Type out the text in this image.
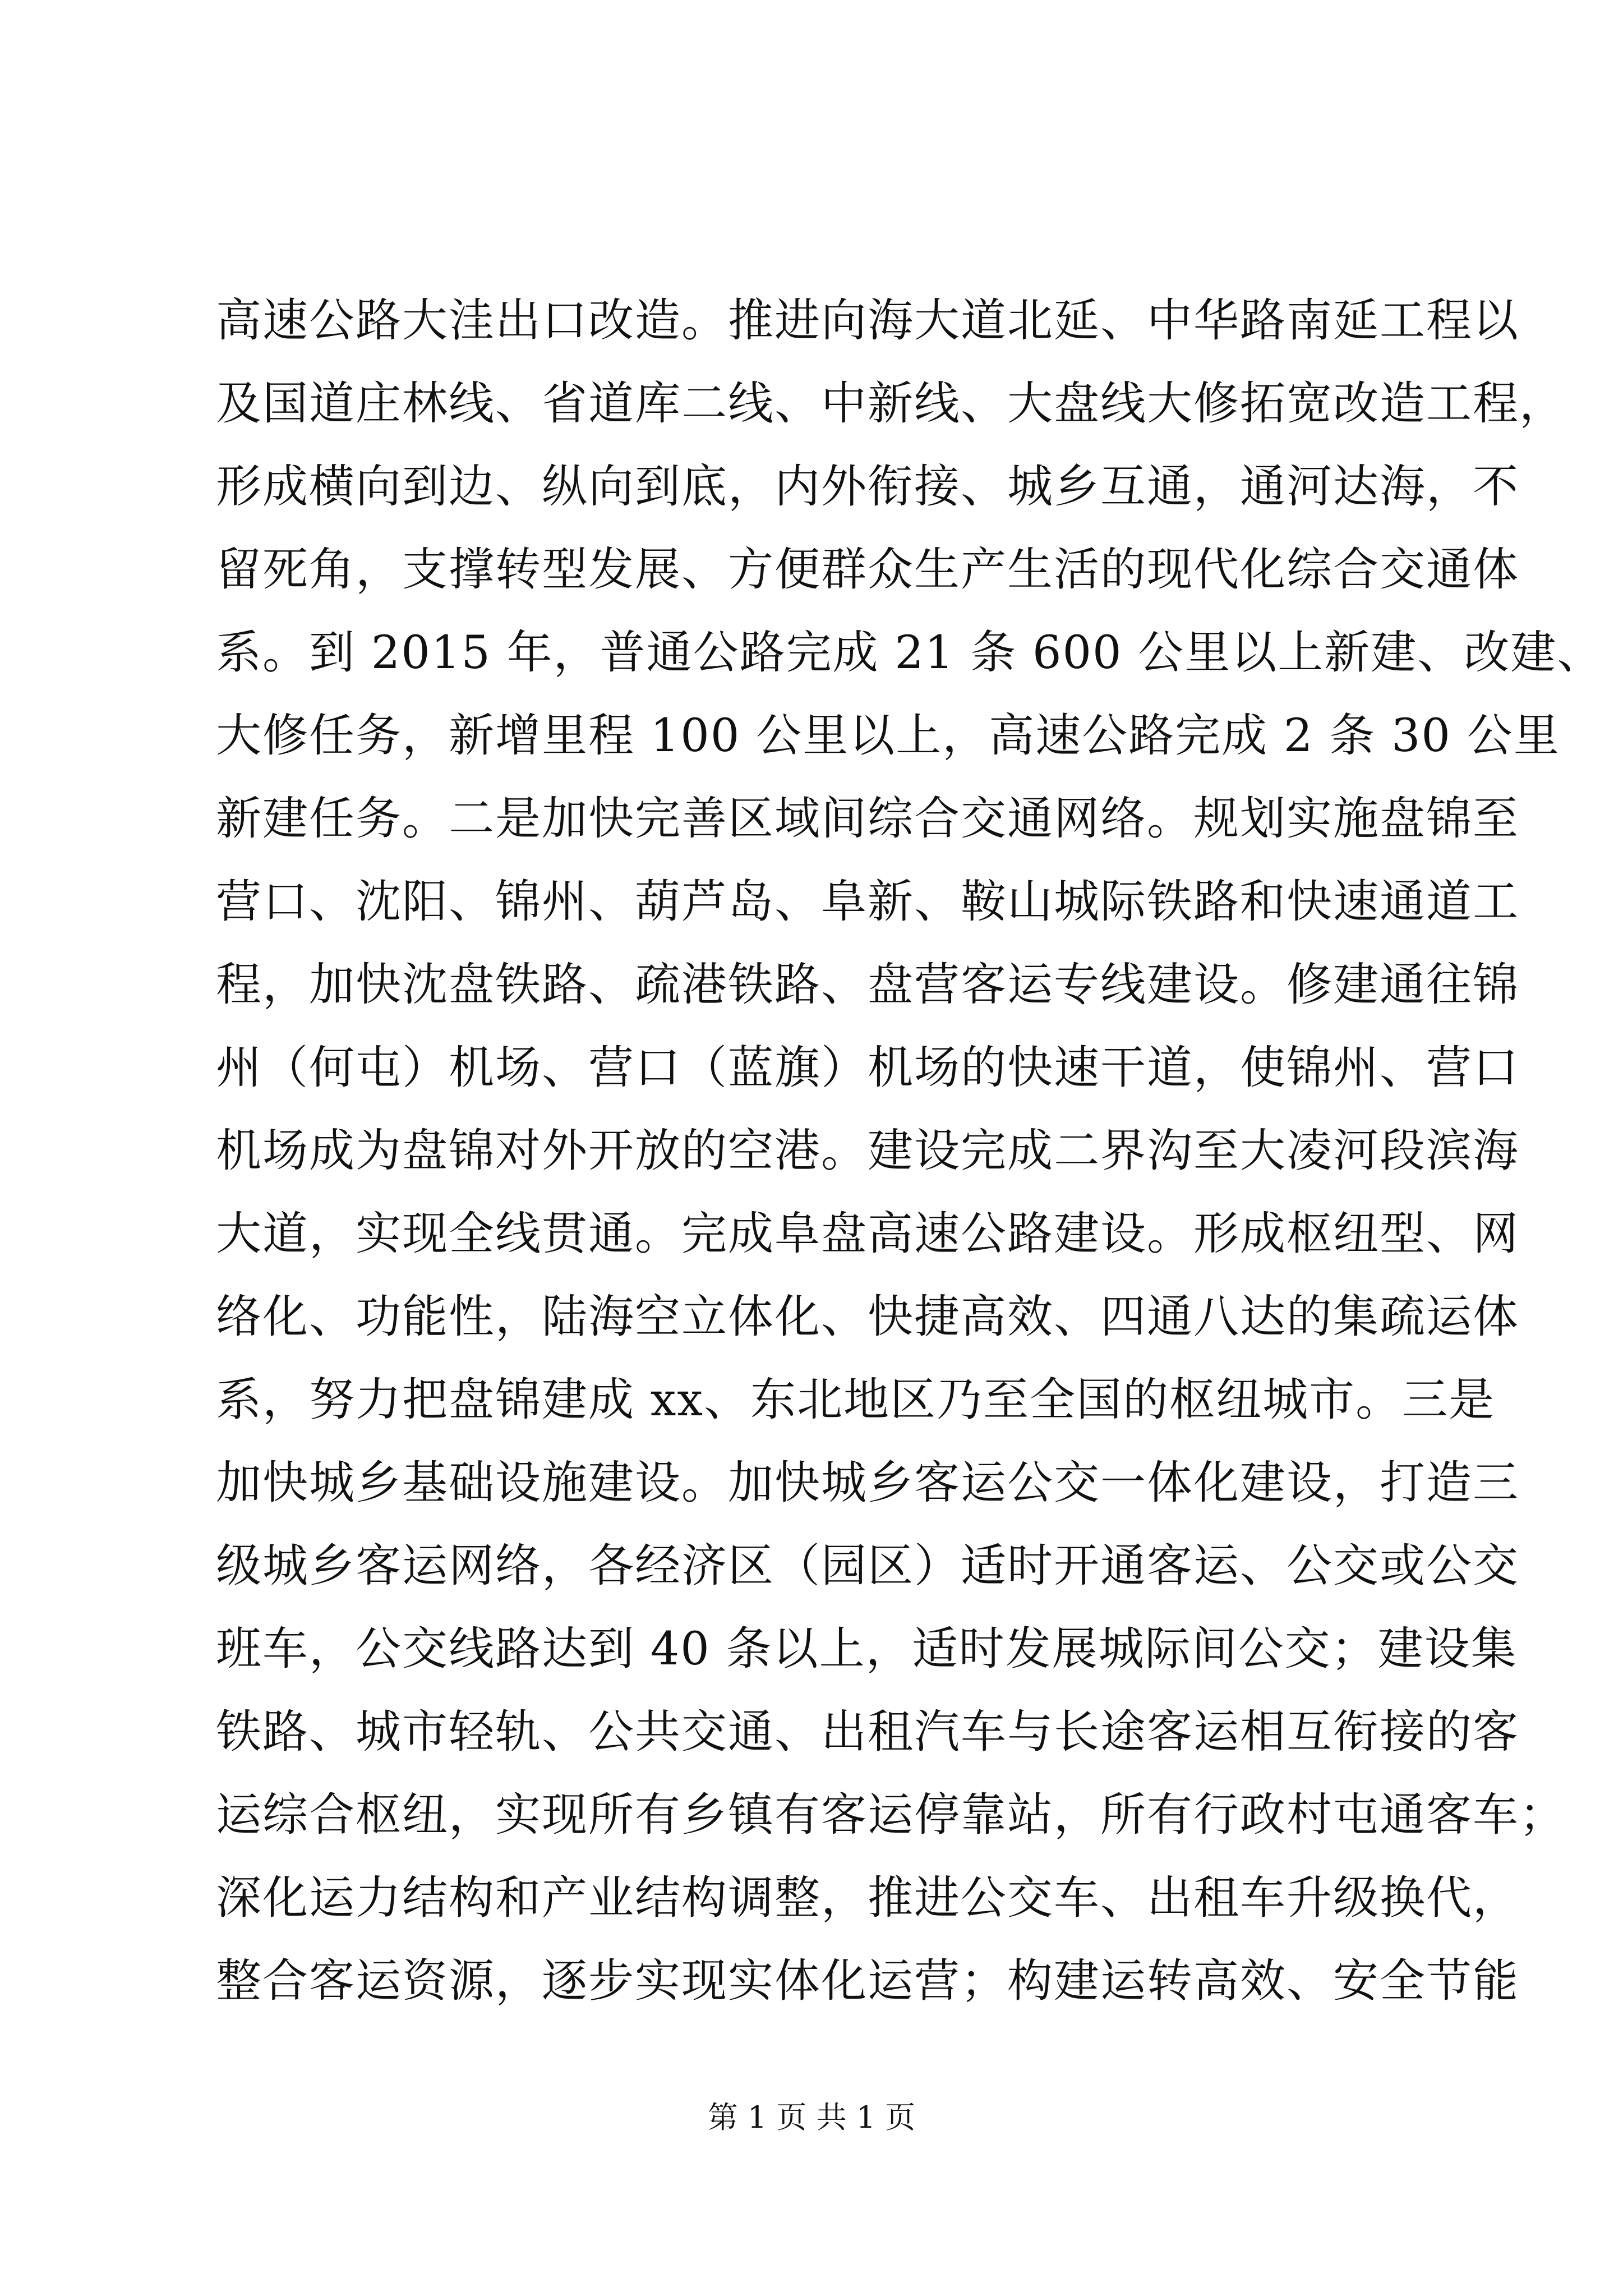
高速公路大洼出口改造。推进向海大道北延、中华路南延工程以
及国道庄林线、省道库二线、中新线、大盘线大修拓宽改造工程，
形成横向到边、纵向到底，内外衔接、城乡互通，通河达海，不
留死角，支撑转型发展、方便群众生产生活的现代化综合交通体
系。到 2015 年，普通公路完成 21 条 600 公里以上新建、改建、
大修任务，新增里程 100 公里以上，高速公路完成 2 条 30 公里
新建任务。二是加快完善区域间综合交通网络。规划实施盘锦至
营口、沈阳、锦州、葫芦岛、阜新、鞍山城际铁路和快速通道工
程，加快沈盘铁路、疏港铁路、盘营客运专线建设。修建通往锦
州（何屯）机场、营口（蓝旗）机场的快速干道，使锦州、营口
机场成为盘锦对外开放的空港。建设完成二界沟至大凌河段滨海
大道，实现全线贯通。完成阜盘高速公路建设。形成枢纽型、网
络化、功能性，陆海空立体化、快捷高效、四通八达的集疏运体
系，努力把盘锦建成 xx、东北地区乃至全国的枢纽城市。三是
加快城乡基础设施建设。加快城乡客运公交一体化建设，打造三
级城乡客运网络，各经济区（园区）适时开通客运、公交或公交
班车，公交线路达到 40 条以上，适时发展城际间公交；建设集
铁路、城市轻轨、公共交通、出租汽车与长途客运相互衔接的客
运综合枢纽，实现所有乡镇有客运停靠站，所有行政村屯通客车；
深化运力结构和产业结构调整，推进公交车、出租车升级换代，
整合客运资源，逐步实现实体化运营；构建运转高效、安全节能
第 1 页 共 1 页
